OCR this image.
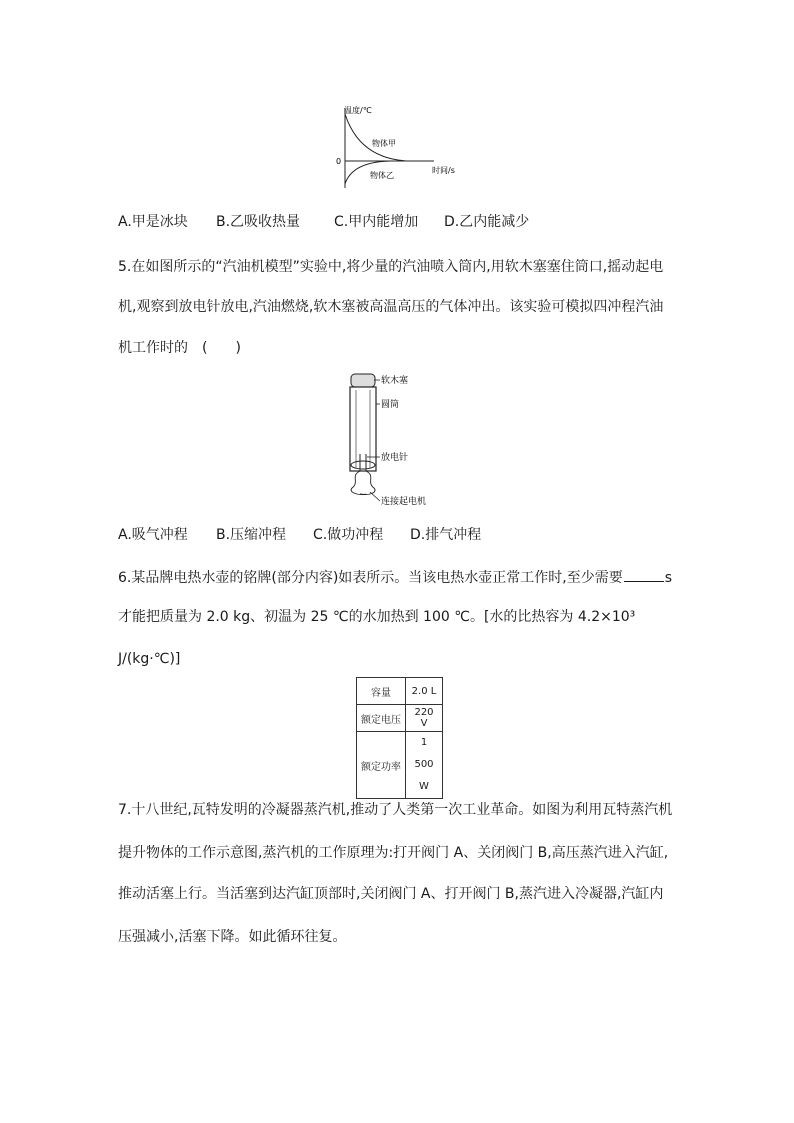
温度/℃
时间/s
0
物体甲
物体乙
A.甲是冰块 B.乙吸收热量 C.甲内能增加 D.乙内能减少
5.在如图所示的“汽油机模型”实验中,将少量的汽油喷入筒内,用软木塞塞住筒口,摇动起电
机,观察到放电针放电,汽油燃烧,软木塞被高温高压的气体冲出。该实验可模拟四冲程汽油
机工作时的　(　　)
软木塞
圆筒
放电针
连接起电机
A.吸气冲程 B.压缩冲程 C.做功冲程 D.排气冲程
6.某品牌电热水壶的铭牌(部分内容)如表所示。当该电热水壶正常工作时,至少需要	s
才能把质量为 2.0 kg、初温为 25 ℃的水加热到 100 ℃。[水的比热容为 4.2×10³
J/(kg·℃)]
容量	2.0 L
额定电压	220 V
额定功率	1 500
W
7.十八世纪,瓦特发明的冷凝器蒸汽机,推动了人类第一次工业革命。如图为利用瓦特蒸汽机
提升物体的工作示意图,蒸汽机的工作原理为:打开阀门 A、关闭阀门 B,高压蒸汽进入汽缸,
推动活塞上行。当活塞到达汽缸顶部时,关闭阀门 A、打开阀门 B,蒸汽进入冷凝器,汽缸内
压强减小,活塞下降。如此循环往复。
